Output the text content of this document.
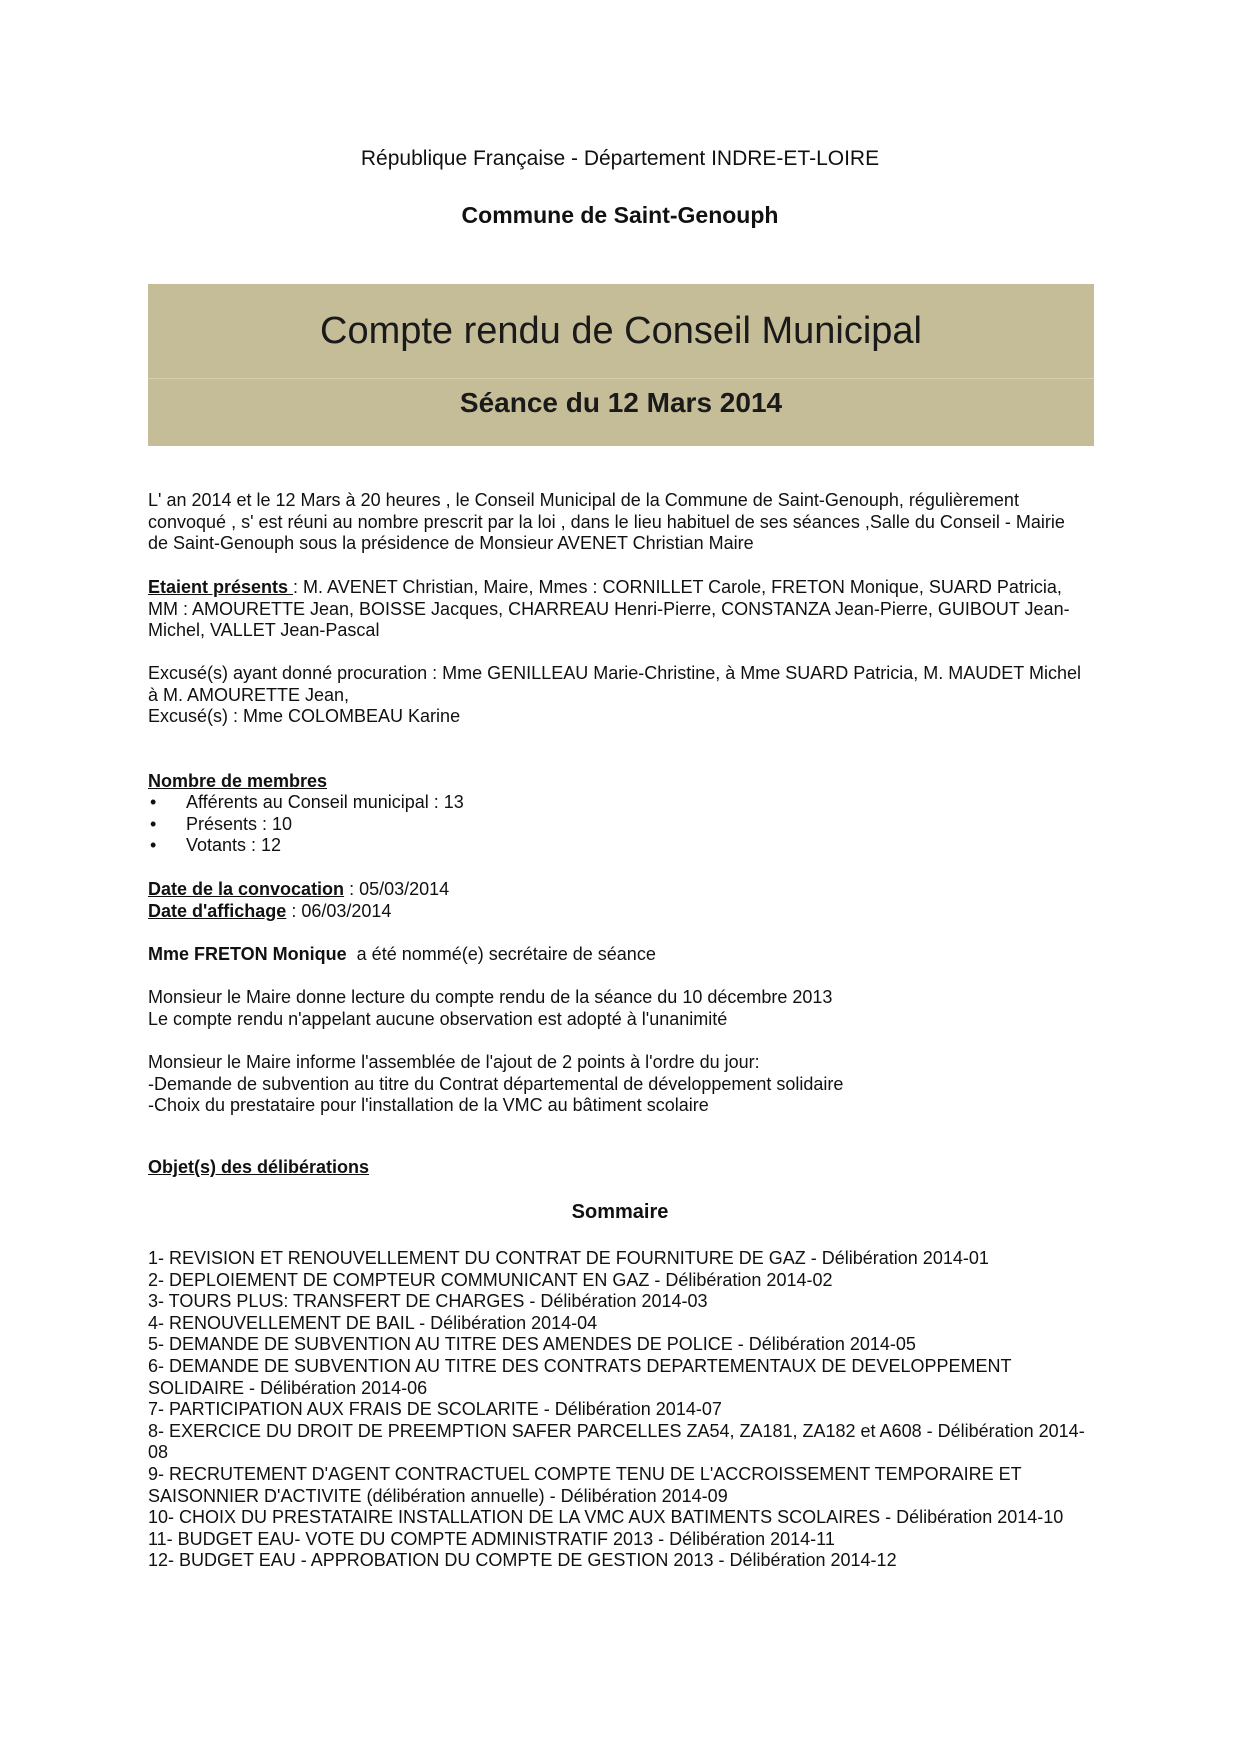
République Française - Département INDRE-ET-LOIRE
Commune de Saint-Genouph
Compte rendu de Conseil Municipal
Séance du 12 Mars 2014
L' an 2014 et le 12 Mars à 20 heures , le Conseil Municipal de la Commune de Saint-Genouph, régulièrement convoqué , s' est réuni au nombre prescrit par la loi , dans le lieu habituel de ses séances ,Salle du Conseil - Mairie de Saint-Genouph sous la présidence de Monsieur AVENET Christian Maire
Etaient présents : M. AVENET Christian, Maire, Mmes : CORNILLET Carole, FRETON Monique, SUARD Patricia, MM : AMOURETTE Jean, BOISSE Jacques, CHARREAU Henri-Pierre, CONSTANZA Jean-Pierre, GUIBOUT Jean-Michel, VALLET Jean-Pascal
Excusé(s) ayant donné procuration : Mme GENILLEAU Marie-Christine, à Mme SUARD Patricia, M. MAUDET Michel à M. AMOURETTE Jean,
Excusé(s) : Mme COLOMBEAU Karine
Nombre de membres
• Afférents au Conseil municipal : 13
• Présents : 10
• Votants : 12
Date de la convocation : 05/03/2014
Date d'affichage : 06/03/2014
Mme FRETON Monique  a été nommé(e) secrétaire de séance
Monsieur le Maire donne lecture du compte rendu de la séance du 10 décembre 2013
Le compte rendu n'appelant aucune observation est adopté à l'unanimité
Monsieur le Maire informe l'assemblée de l'ajout de 2 points à l'ordre du jour:
-Demande de subvention au titre du Contrat départemental de développement solidaire
-Choix du prestataire pour l'installation de la VMC au bâtiment scolaire
Objet(s) des délibérations
Sommaire
1- REVISION ET RENOUVELLEMENT DU CONTRAT DE FOURNITURE DE GAZ - Délibération 2014-01
2- DEPLOIEMENT DE COMPTEUR COMMUNICANT EN GAZ - Délibération 2014-02
3- TOURS PLUS: TRANSFERT DE CHARGES - Délibération 2014-03
4- RENOUVELLEMENT DE BAIL - Délibération 2014-04
5- DEMANDE DE SUBVENTION AU TITRE DES AMENDES DE POLICE - Délibération 2014-05
6- DEMANDE DE SUBVENTION AU TITRE DES CONTRATS DEPARTEMENTAUX DE DEVELOPPEMENT SOLIDAIRE - Délibération 2014-06
7- PARTICIPATION AUX FRAIS DE SCOLARITE - Délibération 2014-07
8- EXERCICE DU DROIT DE PREEMPTION SAFER PARCELLES ZA54, ZA181, ZA182 et A608 - Délibération 2014-08
9- RECRUTEMENT D'AGENT CONTRACTUEL COMPTE TENU DE L'ACCROISSEMENT TEMPORAIRE ET SAISONNIER D'ACTIVITE (délibération annuelle) - Délibération 2014-09
10- CHOIX DU PRESTATAIRE INSTALLATION DE LA VMC AUX BATIMENTS SCOLAIRES - Délibération 2014-10
11- BUDGET EAU- VOTE DU COMPTE ADMINISTRATIF 2013 - Délibération 2014-11
12- BUDGET EAU - APPROBATION DU COMPTE DE GESTION 2013 - Délibération 2014-12
